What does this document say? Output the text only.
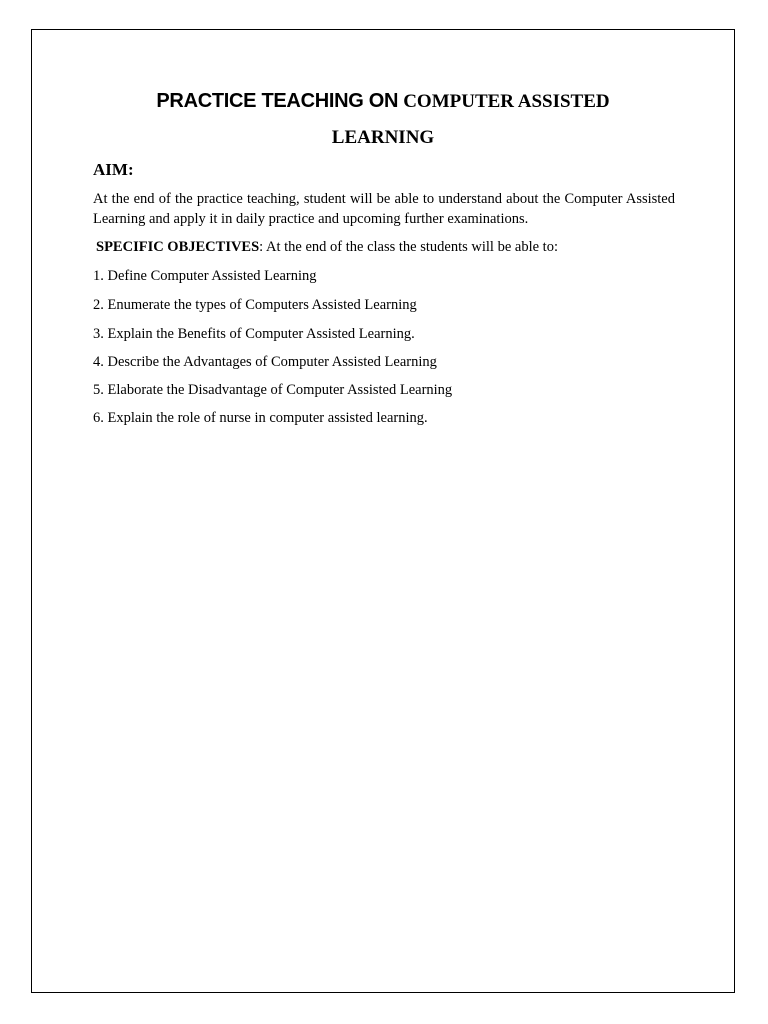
PRACTICE TEACHING ON COMPUTER ASSISTED
LEARNING
AIM:

At the end of the practice teaching, student will be able to understand about the Computer Assisted Learning and apply it in daily practice and upcoming further examinations.

SPECIFIC OBJECTIVES: At the end of the class the students will be able to:

1. Define Computer Assisted Learning

2. Enumerate the types of Computers Assisted Learning

3. Explain the Benefits of Computer Assisted Learning.

4. Describe the Advantages of Computer Assisted Learning

5. Elaborate the Disadvantage of Computer Assisted Learning

6. Explain the role of nurse in computer assisted learning.
